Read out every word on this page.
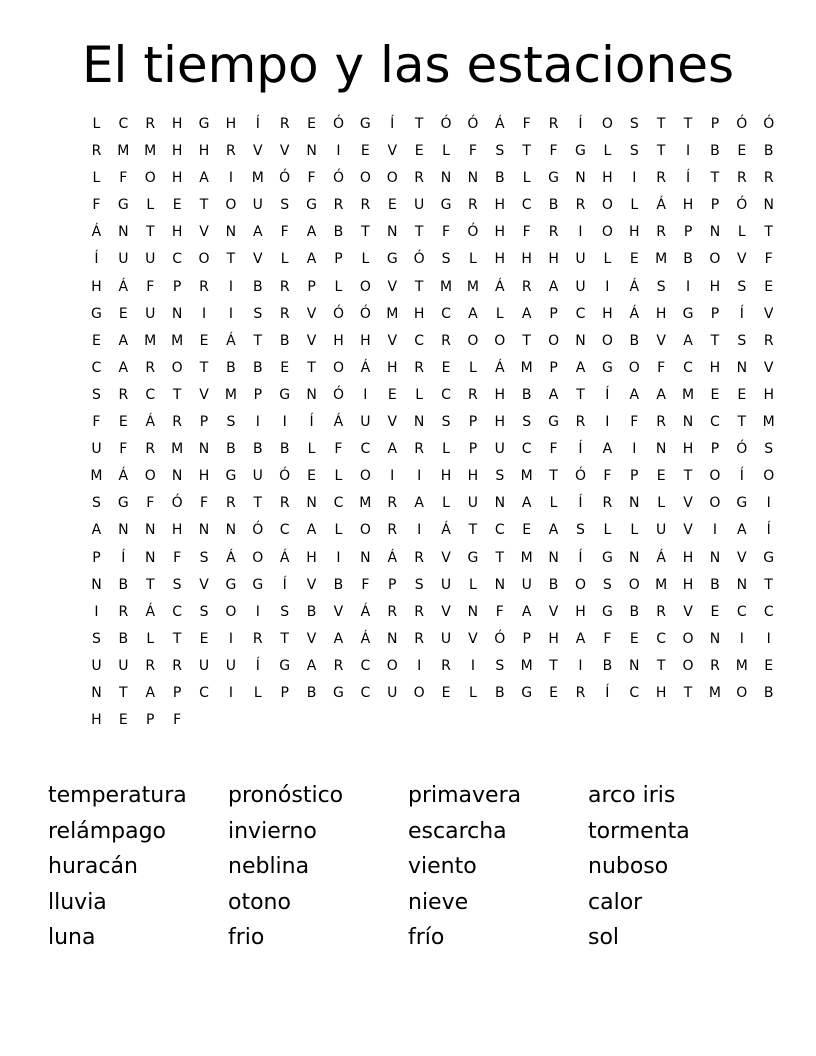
El tiempo y las estaciones
L	C	R	H	G	H	Í	R	E	Ó	G	Í	T	Ó	Ó	Á	F	R	Í	O	S	T	T	P	Ó	Ó
R	M	M	H	H	R	V	V	N	I	E	V	E	L	F	S	T	F	G	L	S	T	I	B	E	B
L	F	O	H	A	I	M	Ó	F	Ó	O	O	R	N	N	B	L	G	N	H	I	R	Í	T	R	R
F	G	L	E	T	O	U	S	G	R	R	E	U	G	R	H	C	B	R	O	L	Á	H	P	Ó	N
Á	N	T	H	V	N	A	F	A	B	T	N	T	F	Ó	H	F	R	I	O	H	R	P	N	L	T
Í	U	U	C	O	T	V	L	A	P	L	G	Ó	S	L	H	H	H	U	L	E	M	B	O	V	F
H	Á	F	P	R	I	B	R	P	L	O	V	T	M	M	Á	R	A	U	I	Á	S	I	H	S	E
G	E	U	N	I	I	S	R	V	Ó	Ó	M	H	C	A	L	A	P	C	H	Á	H	G	P	Í	V
E	A	M	M	E	Á	T	B	V	H	H	V	C	R	O	O	T	O	N	O	B	V	A	T	S	R
C	A	R	O	T	B	B	E	T	O	Á	H	R	E	L	Á	M	P	A	G	O	F	C	H	N	V
S	R	C	T	V	M	P	G	N	Ó	I	E	L	C	R	H	B	A	T	Í	A	A	M	E	E	H
F	E	Á	R	P	S	I	I	Í	Á	U	V	N	S	P	H	S	G	R	I	F	R	N	C	T	M
U	F	R	M	N	B	B	B	L	F	C	A	R	L	P	U	C	F	Í	A	I	N	H	P	Ó	S
M	Á	O	N	H	G	U	Ó	E	L	O	I	I	H	H	S	M	T	Ó	F	P	E	T	O	Í	O
S	G	F	Ó	F	R	T	R	N	C	M	R	A	L	U	N	A	L	Í	R	N	L	V	O	G	I
A	N	N	H	N	N	Ó	C	A	L	O	R	I	Á	T	C	E	A	S	L	L	U	V	I	A	Í
P	Í	N	F	S	Á	O	Á	H	I	N	Á	R	V	G	T	M	N	Í	G	N	Á	H	N	V	G
N	B	T	S	V	G	G	Í	V	B	F	P	S	U	L	N	U	B	O	S	O	M	H	B	N	T
I	R	Á	C	S	O	I	S	B	V	Á	R	R	V	N	F	A	V	H	G	B	R	V	E	C	C
S	B	L	T	E	I	R	T	V	A	Á	N	R	U	V	Ó	P	H	A	F	E	C	O	N	I	I
U	U	R	R	U	U	Í	G	A	R	C	O	I	R	I	S	M	T	I	B	N	T	O	R	M	E
N	T	A	P	C	I	L	P	B	G	C	U	O	E	L	B	G	E	R	Í	C	H	T	M	O	B
H	E	P	F
temperatura	pronóstico	primavera	arco iris
relámpago	invierno	escarcha	tormenta
huracán	neblina	viento	nuboso
lluvia	otono	nieve	calor
luna	frio	frío	sol
